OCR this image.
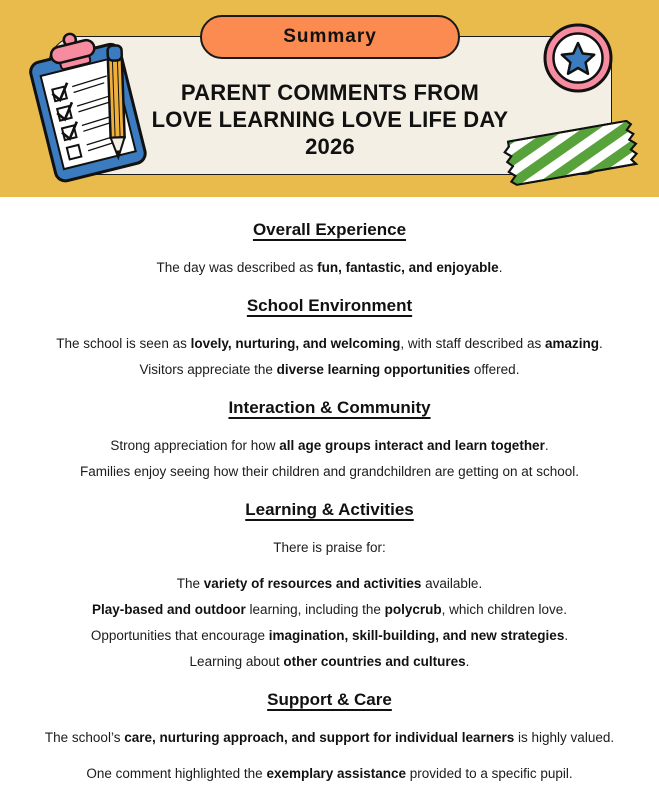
Summary
PARENT COMMENTS FROM
LOVE LEARNING LOVE LIFE DAY
2026
Overall Experience
The day was described as fun, fantastic, and enjoyable.
School Environment
The school is seen as lovely, nurturing, and welcoming, with staff described as amazing.
Visitors appreciate the diverse learning opportunities offered.
Interaction & Community
Strong appreciation for how all age groups interact and learn together.
Families enjoy seeing how their children and grandchildren are getting on at school.
Learning & Activities
There is praise for:
The variety of resources and activities available.
Play-based and outdoor learning, including the polycrub, which children love.
Opportunities that encourage imagination, skill-building, and new strategies.
Learning about other countries and cultures.
Support & Care
The school’s care, nurturing approach, and support for individual learners is highly valued.
One comment highlighted the exemplary assistance provided to a specific pupil.
